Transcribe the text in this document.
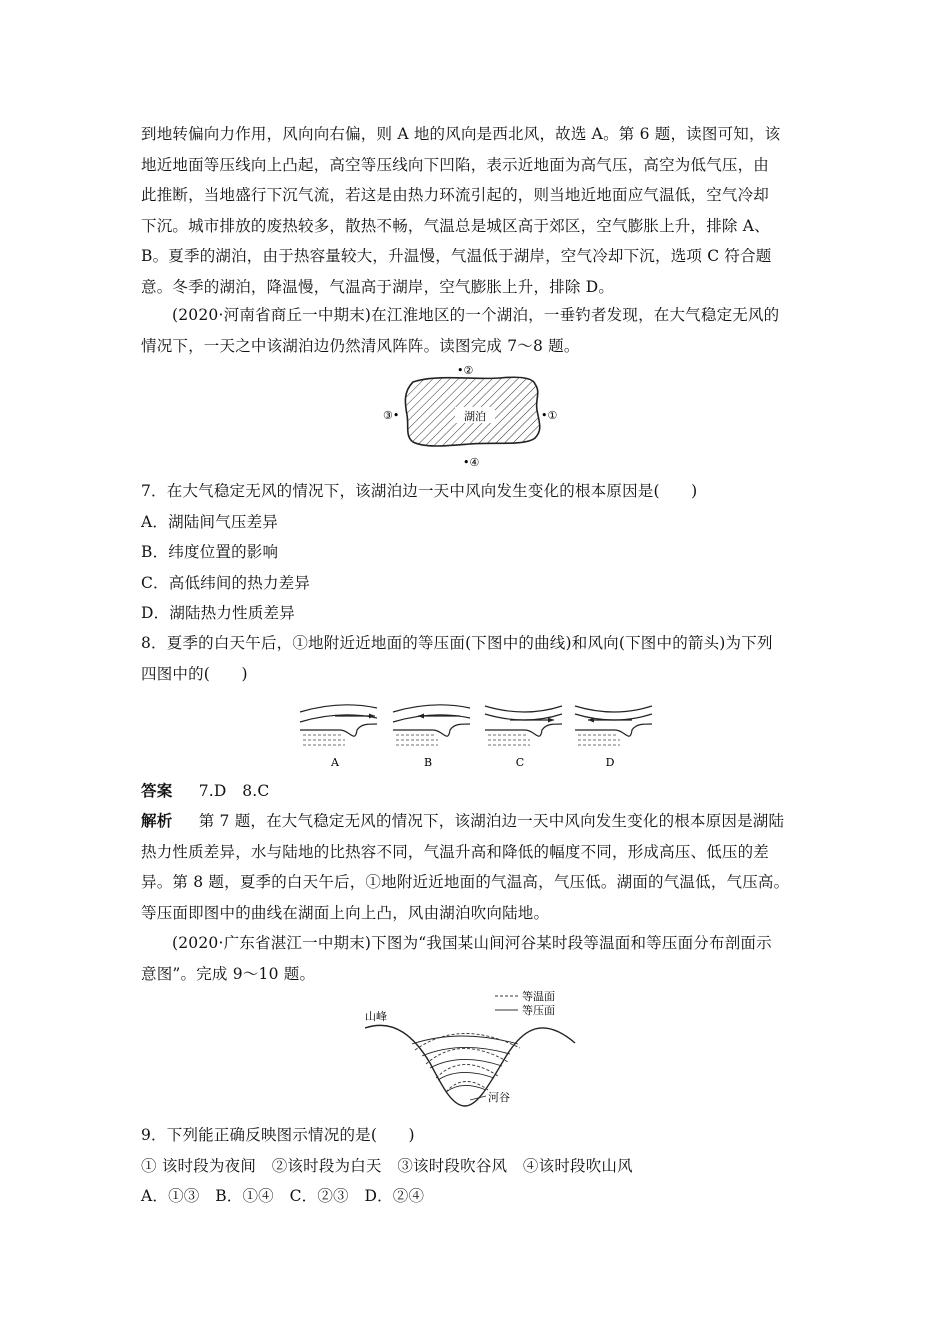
到地转偏向力作用，风向向右偏，则 A 地的风向是西北风，故选 A。第 6 题，读图可知，该
地近地面等压线向上凸起，高空等压线向下凹陷，表示近地面为高气压，高空为低气压，由
此推断，当地盛行下沉气流，若这是由热力环流引起的，则当地近地面应气温低，空气冷却
下沉。城市排放的废热较多，散热不畅，气温总是城区高于郊区，空气膨胀上升，排除 A、
B。夏季的湖泊，由于热容量较大，升温慢，气温低于湖岸，空气冷却下沉，选项 C 符合题
意。冬季的湖泊，降温慢，气温高于湖岸，空气膨胀上升，排除 D。
(2020·河南省商丘一中期末)在江淮地区的一个湖泊，一垂钓者发现，在大气稳定无风的
情况下，一天之中该湖泊边仍然清风阵阵。读图完成 7～8 题。
湖泊
•②
•①
③•
•④
7．在大气稳定无风的情况下，该湖泊边一天中风向发生变化的根本原因是(　　)
A．湖陆间气压差异
B．纬度位置的影响
C．高低纬间的热力差异
D．湖陆热力性质差异
8．夏季的白天午后，①地附近近地面的等压面(下图中的曲线)和风向(下图中的箭头)为下列
四图中的(　　)
A	B	C	D
答案 7.D　8.C
解析 第 7 题，在大气稳定无风的情况下，该湖泊边一天中风向发生变化的根本原因是湖陆
热力性质差异，水与陆地的比热容不同，气温升高和降低的幅度不同，形成高压、低压的差
异。第 8 题，夏季的白天午后，①地附近近地面的气温高，气压低。湖面的气温低，气压高。
等压面即图中的曲线在湖面上向上凸，风由湖泊吹向陆地。
(2020·广东省湛江一中期末)下图为“我国某山间河谷某时段等温面和等压面分布剖面示
意图”。完成 9～10 题。
等温面
等压面
山峰
河谷
9．下列能正确反映图示情况的是(　　)
① 该时段为夜间　②该时段为白天　③该时段吹谷风　④该时段吹山风
A．①③　B．①④　C．②③　D．②④
